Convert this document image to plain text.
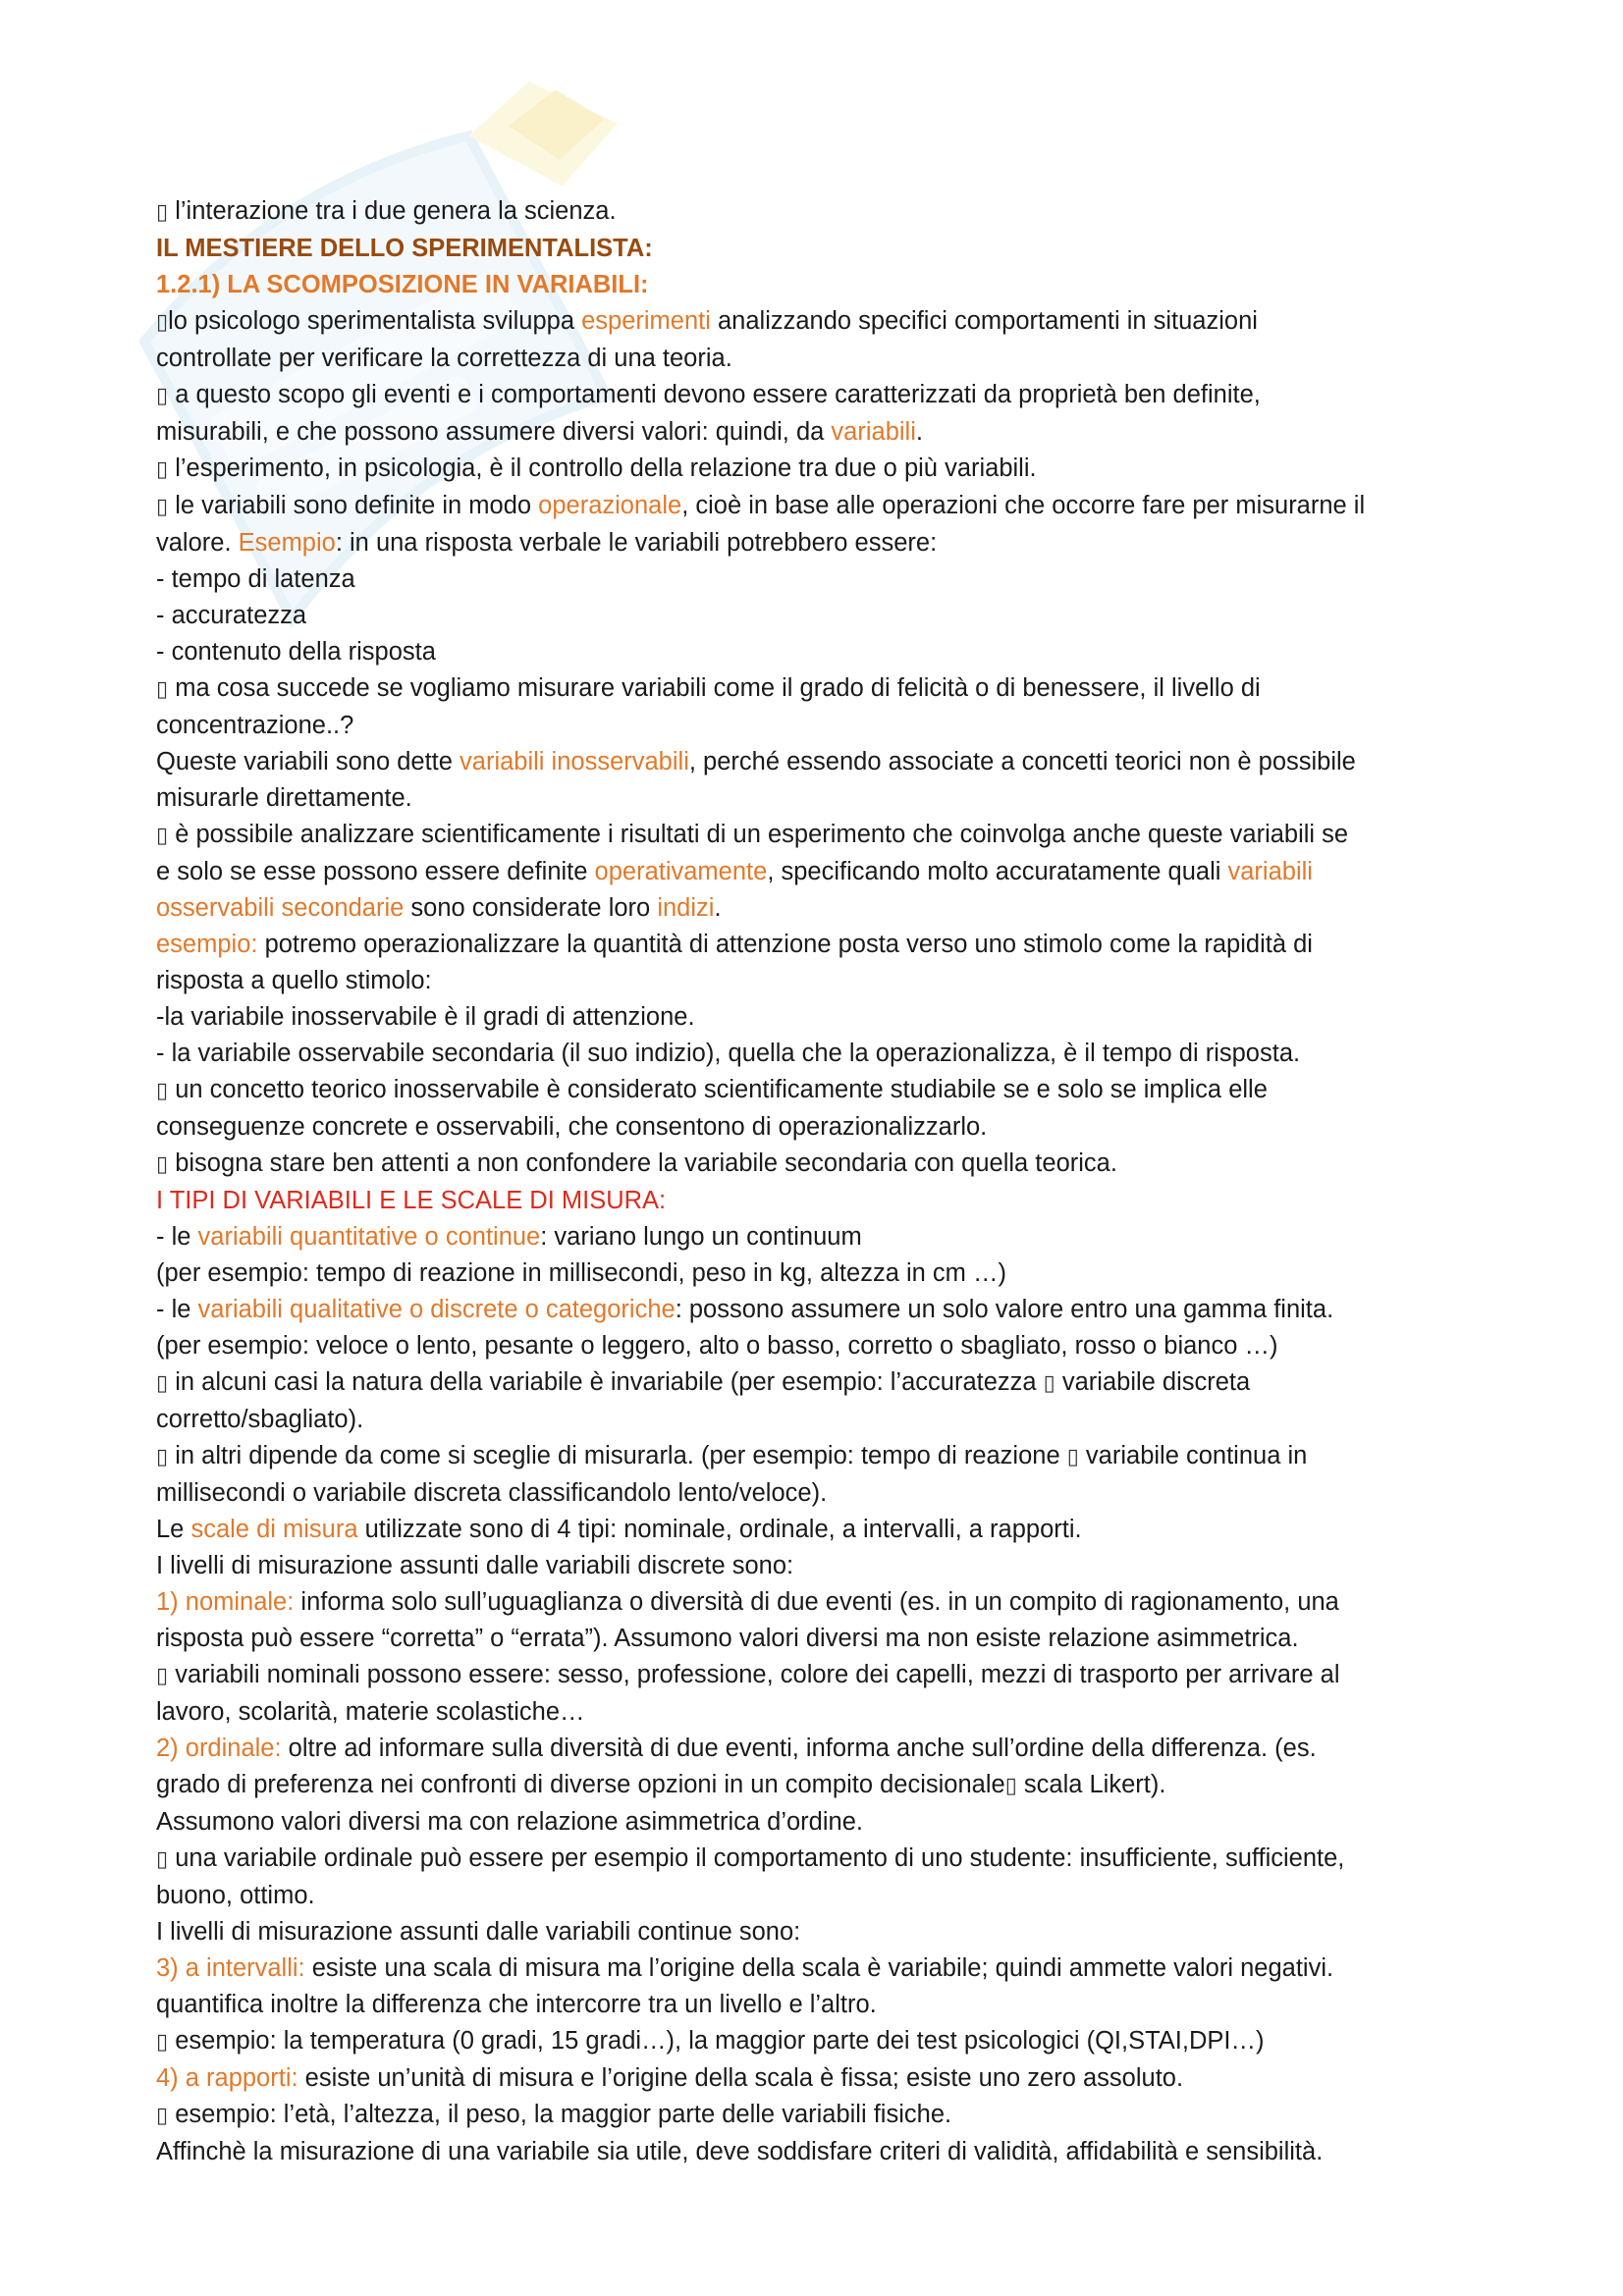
▯ l’interazione tra i due genera la scienza.
IL MESTIERE DELLO SPERIMENTALISTA:
1.2.1) LA SCOMPOSIZIONE IN VARIABILI:
▯lo psicologo sperimentalista sviluppa esperimenti analizzando specifici comportamenti in situazioni
controllate per verificare la correttezza di una teoria.
▯ a questo scopo gli eventi e i comportamenti devono essere caratterizzati da proprietà ben definite,
misurabili, e che possono assumere diversi valori: quindi, da variabili.
▯ l’esperimento, in psicologia, è il controllo della relazione tra due o più variabili.
▯ le variabili sono definite in modo operazionale, cioè in base alle operazioni che occorre fare per misurarne il
valore. Esempio: in una risposta verbale le variabili potrebbero essere:
- tempo di latenza
- accuratezza
- contenuto della risposta
▯ ma cosa succede se vogliamo misurare variabili come il grado di felicità o di benessere, il livello di
concentrazione..?
Queste variabili sono dette variabili inosservabili, perché essendo associate a concetti teorici non è possibile
misurarle direttamente.
▯ è possibile analizzare scientificamente i risultati di un esperimento che coinvolga anche queste variabili se
e solo se esse possono essere definite operativamente, specificando molto accuratamente quali variabili
osservabili secondarie sono considerate loro indizi.
esempio: potremo operazionalizzare la quantità di attenzione posta verso uno stimolo come la rapidità di
risposta a quello stimolo:
-la variabile inosservabile è il gradi di attenzione.
- la variabile osservabile secondaria (il suo indizio), quella che la operazionalizza, è il tempo di risposta.
▯ un concetto teorico inosservabile è considerato scientificamente studiabile se e solo se implica elle
conseguenze concrete e osservabili, che consentono di operazionalizzarlo.
▯ bisogna stare ben attenti a non confondere la variabile secondaria con quella teorica.
I TIPI DI VARIABILI E LE SCALE DI MISURA:
- le variabili quantitative o continue: variano lungo un continuum
(per esempio: tempo di reazione in millisecondi, peso in kg, altezza in cm …)
- le variabili qualitative o discrete o categoriche: possono assumere un solo valore entro una gamma finita.
(per esempio: veloce o lento, pesante o leggero, alto o basso, corretto o sbagliato, rosso o bianco …)
▯ in alcuni casi la natura della variabile è invariabile (per esempio: l’accuratezza ▯ variabile discreta
corretto/sbagliato).
▯ in altri dipende da come si sceglie di misurarla. (per esempio: tempo di reazione ▯ variabile continua in
millisecondi o variabile discreta classificandolo lento/veloce).
Le scale di misura utilizzate sono di 4 tipi: nominale, ordinale, a intervalli, a rapporti.
I livelli di misurazione assunti dalle variabili discrete sono:
1) nominale: informa solo sull’uguaglianza o diversità di due eventi (es. in un compito di ragionamento, una
risposta può essere “corretta” o “errata”). Assumono valori diversi ma non esiste relazione asimmetrica.
▯ variabili nominali possono essere: sesso, professione, colore dei capelli, mezzi di trasporto per arrivare al
lavoro, scolarità, materie scolastiche…
2) ordinale: oltre ad informare sulla diversità di due eventi, informa anche sull’ordine della differenza. (es.
grado di preferenza nei confronti di diverse opzioni in un compito decisionale▯ scala Likert).
Assumono valori diversi ma con relazione asimmetrica d’ordine.
▯ una variabile ordinale può essere per esempio il comportamento di uno studente: insufficiente, sufficiente,
buono, ottimo.
I livelli di misurazione assunti dalle variabili continue sono:
3) a intervalli: esiste una scala di misura ma l’origine della scala è variabile; quindi ammette valori negativi.
quantifica inoltre la differenza che intercorre tra un livello e l’altro.
▯ esempio: la temperatura (0 gradi, 15 gradi…), la maggior parte dei test psicologici (QI,STAI,DPI…)
4) a rapporti: esiste un’unità di misura e l’origine della scala è fissa; esiste uno zero assoluto.
▯ esempio: l’età, l’altezza, il peso, la maggior parte delle variabili fisiche.
Affinchè la misurazione di una variabile sia utile, deve soddisfare criteri di validità, affidabilità e sensibilità.
